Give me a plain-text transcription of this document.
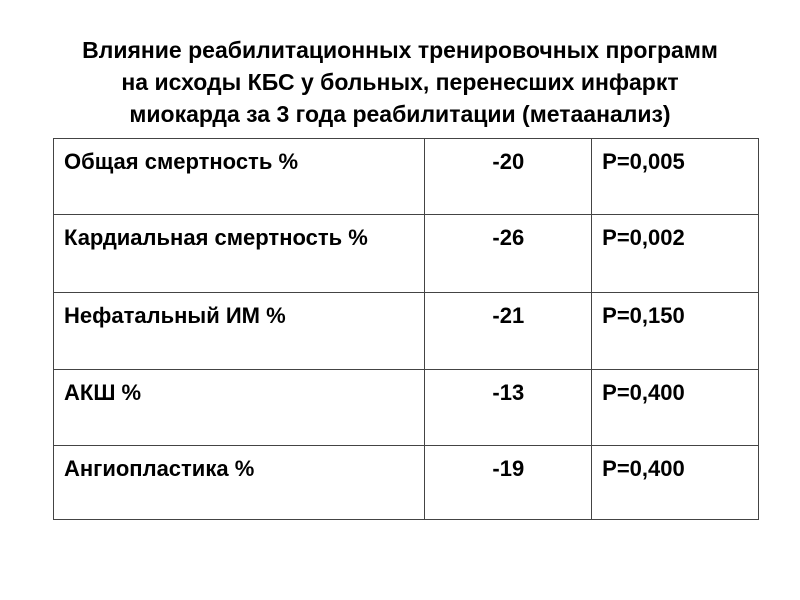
Влияние реабилитационных тренировочных программ
на исходы КБС у больных, перенесших инфаркт
миокарда за 3 года реабилитации (метаанализ)
Общая смертность %	-20	P=0,005
Кардиальная смертность %	-26	P=0,002
Нефатальный ИМ %	-21	P=0,150
АКШ %	-13	P=0,400
Ангиопластика %	-19	P=0,400
